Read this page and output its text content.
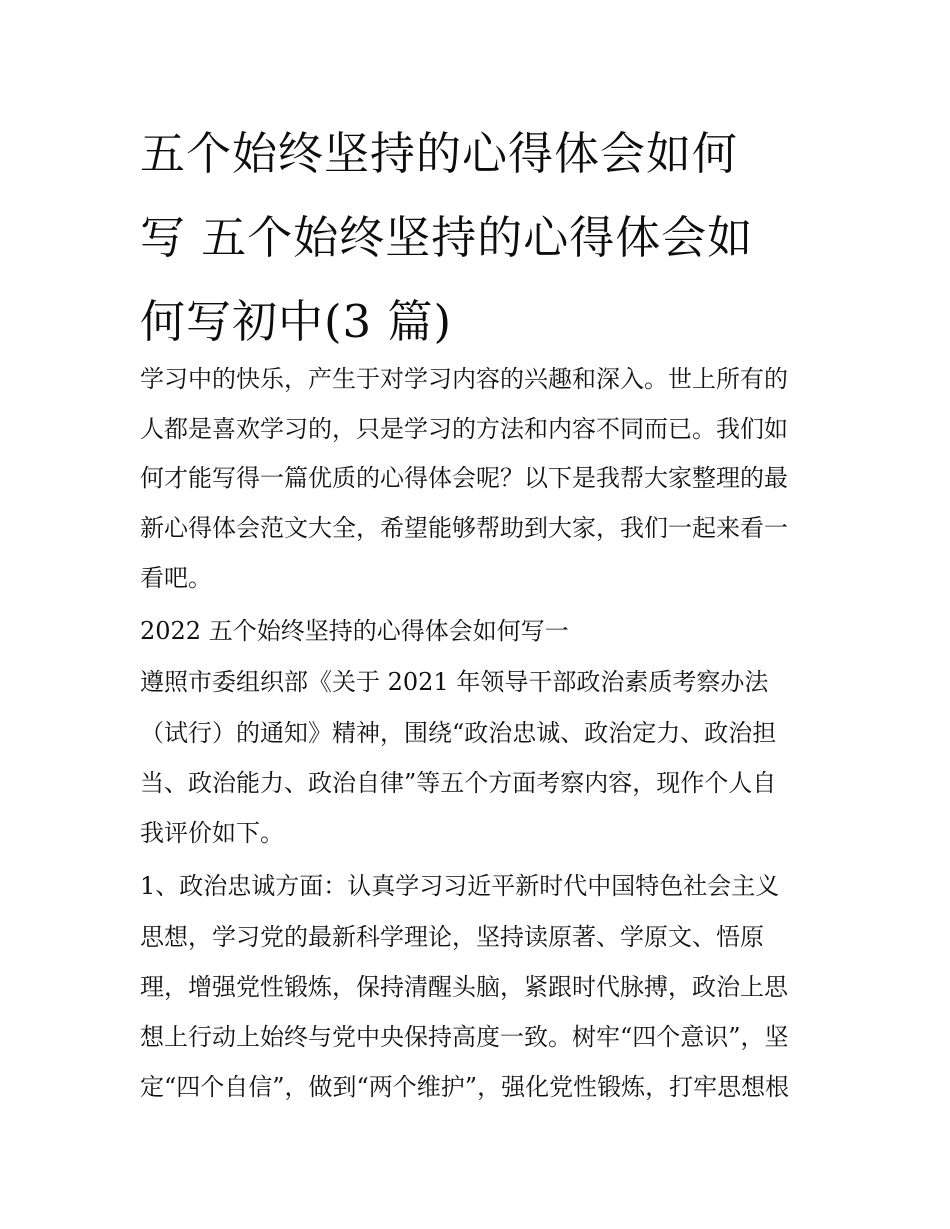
五个始终坚持的心得体会如何
写 五个始终坚持的心得体会如
何写初中(3 篇)

学习中的快乐，产生于对学习内容的兴趣和深入。世上所有的

人都是喜欢学习的，只是学习的方法和内容不同而已。我们如

何才能写得一篇优质的心得体会呢？以下是我帮大家整理的最

新心得体会范文大全，希望能够帮助到大家，我们一起来看一

看吧。

2022 五个始终坚持的心得体会如何写一

遵照市委组织部《关于 2021 年领导干部政治素质考察办法

（试行）的通知》精神，围绕“政治忠诚、政治定力、政治担

当、政治能力、政治自律”等五个方面考察内容，现作个人自

我评价如下。

1、政治忠诚方面：认真学习习近平新时代中国特色社会主义

思想，学习党的最新科学理论，坚持读原著、学原文、悟原

理，增强党性锻炼，保持清醒头脑，紧跟时代脉搏，政治上思

想上行动上始终与党中央保持高度一致。树牢“四个意识”，坚

定“四个自信”，做到“两个维护”，强化党性锻炼，打牢思想根
